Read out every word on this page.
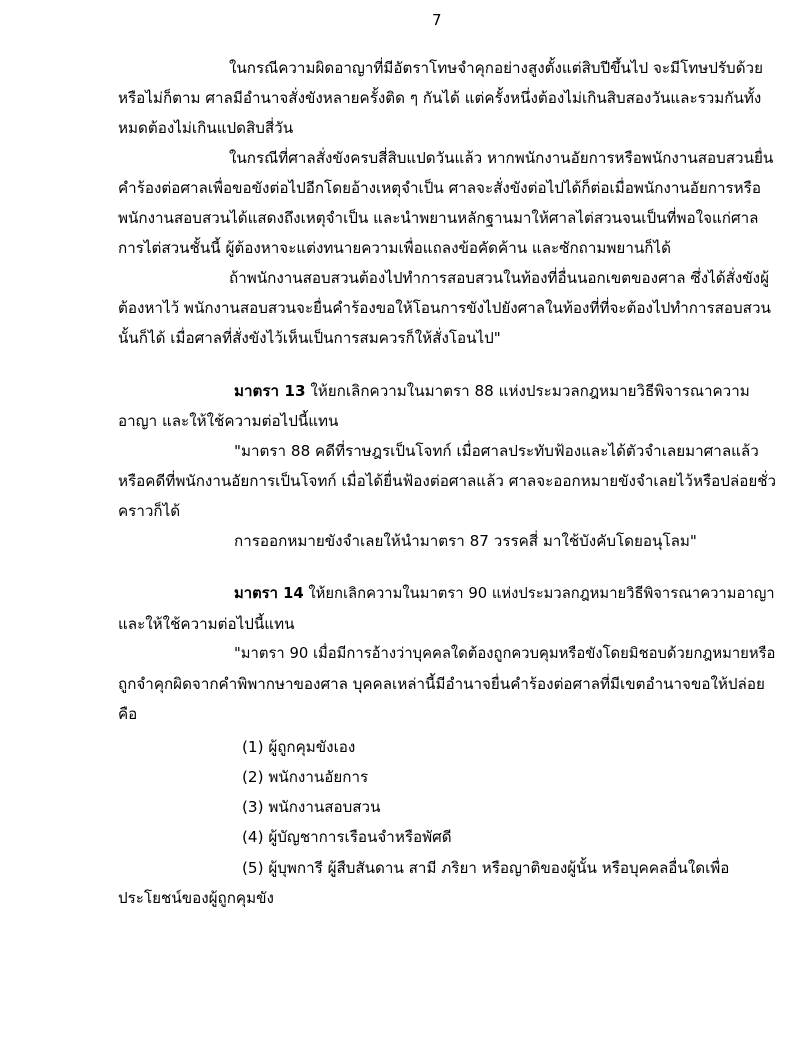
7
ในกรณีความผิดอาญาที่มีอัตราโทษจำคุกอย่างสูงตั้งแต่สิบปีขึ้นไป จะมีโทษปรับด้วย
หรือไม่ก็ตาม ศาลมีอำนาจสั่งขังหลายครั้งติด ๆ กันได้ แต่ครั้งหนึ่งต้องไม่เกินสิบสองวันและรวมกันทั้ง
หมดต้องไม่เกินแปดสิบสี่วัน
ในกรณีที่ศาลสั่งขังครบสี่สิบแปดวันแล้ว หากพนักงานอัยการหรือพนักงานสอบสวนยื่น
คำร้องต่อศาลเพื่อขอขังต่อไปอีกโดยอ้างเหตุจำเป็น ศาลจะสั่งขังต่อไปได้ก็ต่อเมื่อพนักงานอัยการหรือ
พนักงานสอบสวนได้แสดงถึงเหตุจำเป็น และนำพยานหลักฐานมาให้ศาลไต่สวนจนเป็นที่พอใจแก่ศาล
การไต่สวนชั้นนี้ ผู้ต้องหาจะแต่งทนายความเพื่อแถลงข้อคัดค้าน และซักถามพยานก็ได้
ถ้าพนักงานสอบสวนต้องไปทำการสอบสวนในท้องที่อื่นนอกเขตของศาล ซึ่งได้สั่งขังผู้
ต้องหาไว้ พนักงานสอบสวนจะยื่นคำร้องขอให้โอนการขังไปยังศาลในท้องที่ที่จะต้องไปทำการสอบสวน
นั้นก็ได้ เมื่อศาลที่สั่งขังไว้เห็นเป็นการสมควรก็ให้สั่งโอนไป"
มาตรา 13 ให้ยกเลิกความในมาตรา 88 แห่งประมวลกฎหมายวิธีพิจารณาความ
อาญา และให้ใช้ความต่อไปนี้แทน
"มาตรา 88 คดีที่ราษฎรเป็นโจทก์ เมื่อศาลประทับฟ้องและได้ตัวจำเลยมาศาลแล้ว
หรือคดีที่พนักงานอัยการเป็นโจทก์ เมื่อได้ยื่นฟ้องต่อศาลแล้ว ศาลจะออกหมายขังจำเลยไว้หรือปล่อยชั่ว
คราวก็ได้
การออกหมายขังจำเลยให้นำมาตรา 87 วรรคสี่ มาใช้บังคับโดยอนุโลม"
มาตรา 14 ให้ยกเลิกความในมาตรา 90 แห่งประมวลกฎหมายวิธีพิจารณาความอาญา
และให้ใช้ความต่อไปนี้แทน
"มาตรา 90 เมื่อมีการอ้างว่าบุคคลใดต้องถูกควบคุมหรือขังโดยมิชอบด้วยกฎหมายหรือ
ถูกจำคุกผิดจากคำพิพากษาของศาล บุคคลเหล่านี้มีอำนาจยื่นคำร้องต่อศาลที่มีเขตอำนาจขอให้ปล่อย
คือ
(1) ผู้ถูกคุมขังเอง
(2) พนักงานอัยการ
(3) พนักงานสอบสวน
(4) ผู้บัญชาการเรือนจำหรือพัศดี
(5) ผู้บุพการี ผู้สืบสันดาน สามี ภริยา หรือญาติของผู้นั้น หรือบุคคลอื่นใดเพื่อ
ประโยชน์ของผู้ถูกคุมขัง
